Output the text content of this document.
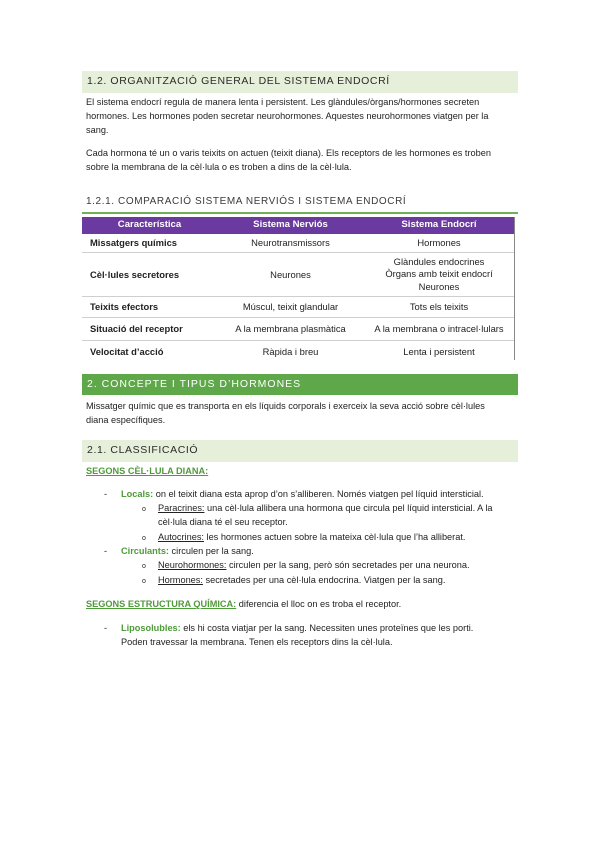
1.2. ORGANITZACIÓ GENERAL DEL SISTEMA ENDOCRÍ
El sistema endocrí regula de manera lenta i persistent. Les glàndules/òrgans/hormones secreten
hormones. Les hormones poden secretar neurohormones. Aquestes neurohormones viatgen per la
sang.
Cada hormona té un o varis teixits on actuen (teixit diana). Els receptors de les hormones es troben
sobre la membrana de la cèl·lula o es troben a dins de la cèl·lula.
1.2.1. COMPARACIÓ SISTEMA NERVIÓS I SISTEMA ENDOCRÍ
Característica	Sistema Nerviós	Sistema Endocrí
Missatgers químics	Neurotransmissors	Hormones
Cèl·lules secretores	Neurones	Glàndules endocrines
Òrgans amb teixit endocrí
Neurones

Teixits efectors	Múscul, teixit glandular	Tots els teixits
Situació del receptor	A la membrana plasmàtica	A la membrana o intracel·lulars
Velocitat d’acció	Ràpida i breu	Lenta i persistent
2. CONCEPTE I TIPUS D’HORMONES
Missatger químic que es transporta en els líquids corporals i exerceix la seva acció sobre cèl·lules
diana específiques.
2.1. CLASSIFICACIÓ
SEGONS CÈL·LULA DIANA:
- Locals: on el teixit diana esta aprop d’on s’alliberen. Només viatgen pel líquid intersticial.
o Paracrines: una cèl·lula allibera una hormona que circula pel líquid intersticial. A la
cèl·lula diana té el seu receptor.
o Autocrines: les hormones actuen sobre la mateixa cèl·lula que l’ha alliberat.
- Circulants: circulen per la sang.
o Neurohormones: circulen per la sang, però són secretades per una neurona.
o Hormones: secretades per una cèl·lula endocrina. Viatgen per la sang.
SEGONS ESTRUCTURA QUÍMICA: diferencia el lloc on es troba el receptor.
- Liposolubles: els hi costa viatjar per la sang. Necessiten unes proteïnes que les porti.
Poden travessar la membrana. Tenen els receptors dins la cèl·lula.
